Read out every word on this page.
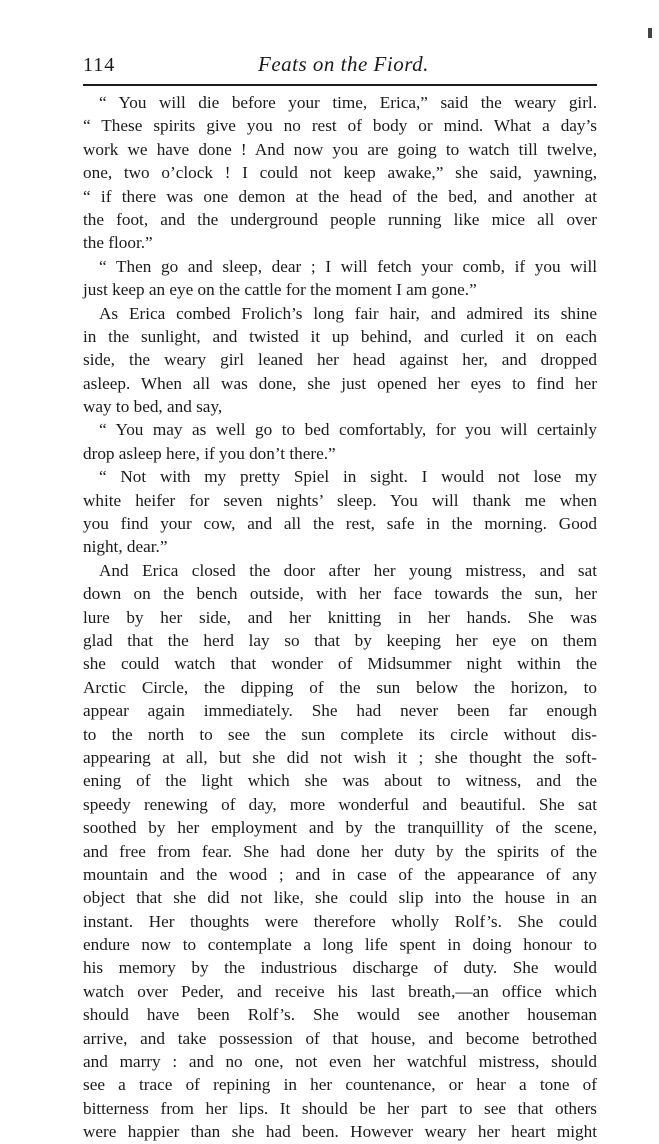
114	Feats on the Fiord.
“ You will die before your time, Erica,” said the weary girl.
“ These spirits give you no rest of body or mind. What a day’s
work we have done ! And now you are going to watch till twelve,
one, two o’clock ! I could not keep awake,” she said, yawning,
“ if there was one demon at the head of the bed, and another at
the foot, and the underground people running like mice all over
the floor.”
“ Then go and sleep, dear ; I will fetch your comb, if you will
just keep an eye on the cattle for the moment I am gone.”
As Erica combed Frolich’s long fair hair, and admired its shine
in the sunlight, and twisted it up behind, and curled it on each
side, the weary girl leaned her head against her, and dropped
asleep. When all was done, she just opened her eyes to find her
way to bed, and say,
“ You may as well go to bed comfortably, for you will certainly
drop asleep here, if you don’t there.”
“ Not with my pretty Spiel in sight. I would not lose my
white heifer for seven nights’ sleep. You will thank me when
you find your cow, and all the rest, safe in the morning. Good
night, dear.”
And Erica closed the door after her young mistress, and sat
down on the bench outside, with her face towards the sun, her
lure by her side, and her knitting in her hands. She was
glad that the herd lay so that by keeping her eye on them
she could watch that wonder of Midsummer night within the
Arctic Circle, the dipping of the sun below the horizon, to
appear again immediately. She had never been far enough
to the north to see the sun complete its circle without dis-
appearing at all, but she did not wish it ; she thought the soft-
ening of the light which she was about to witness, and the
speedy renewing of day, more wonderful and beautiful. She sat
soothed by her employment and by the tranquillity of the scene,
and free from fear. She had done her duty by the spirits of the
mountain and the wood ; and in case of the appearance of any
object that she did not like, she could slip into the house in an
instant. Her thoughts were therefore wholly Rolf’s. She could
endure now to contemplate a long life spent in doing honour to
his memory by the industrious discharge of duty. She would
watch over Peder, and receive his last breath,—an office which
should have been Rolf’s. She would see another houseman
arrive, and take possession of that house, and become betrothed
and marry : and no one, not even her watchful mistress, should
see a trace of repining in her countenance, or hear a tone of
bitterness from her lips. It should be her part to see that others
were happier than she had been. However weary her heart might
